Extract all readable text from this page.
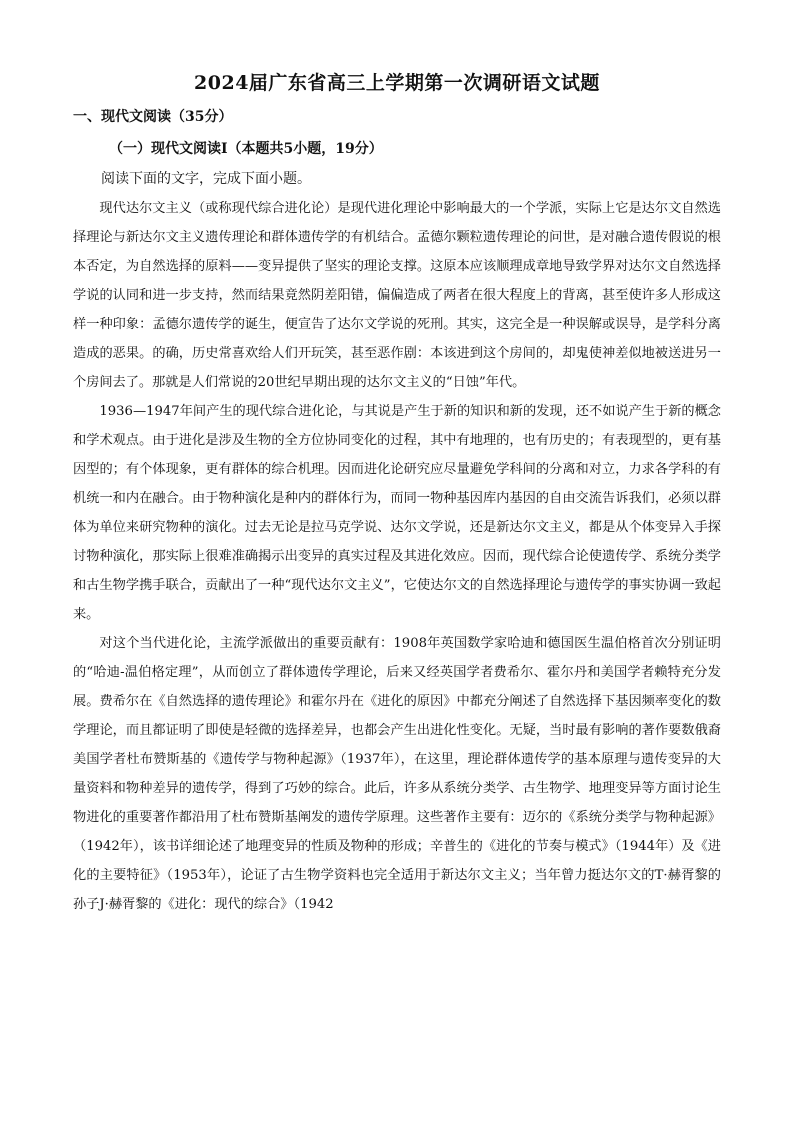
2024届广东省高三上学期第一次调研语文试题
一、现代文阅读（35分）
（一）现代文阅读Ⅰ（本题共5小题，19分）
阅读下面的文字，完成下面小题。

现代达尔文主义（或称现代综合进化论）是现代进化理论中影响最大的一个学派，实际上它是达尔文自然选择理论与新达尔文主义遗传理论和群体遗传学的有机结合。孟德尔颗粒遗传理论的问世，是对融合遗传假说的根本否定，为自然选择的原料——变异提供了坚实的理论支撑。这原本应该顺理成章地导致学界对达尔文自然选择学说的认同和进一步支持，然而结果竟然阴差阳错，偏偏造成了两者在很大程度上的背离，甚至使许多人形成这样一种印象：孟德尔遗传学的诞生，便宣告了达尔文学说的死刑。其实，这完全是一种误解或误导，是学科分离造成的恶果。的确，历史常喜欢给人们开玩笑，甚至恶作剧：本该进到这个房间的，却鬼使神差似地被送进另一个房间去了。那就是人们常说的20世纪早期出现的达尔文主义的“日蚀”年代。

1936—1947年间产生的现代综合进化论，与其说是产生于新的知识和新的发现，还不如说产生于新的概念和学术观点。由于进化是涉及生物的全方位协同变化的过程，其中有地理的，也有历史的；有表现型的，更有基因型的；有个体现象，更有群体的综合机理。因而进化论研究应尽量避免学科间的分离和对立，力求各学科的有机统一和内在融合。由于物种演化是种内的群体行为，而同一物种基因库内基因的自由交流告诉我们，必须以群体为单位来研究物种的演化。过去无论是拉马克学说、达尔文学说，还是新达尔文主义，都是从个体变异入手探讨物种演化，那实际上很难准确揭示出变异的真实过程及其进化效应。因而，现代综合论使遗传学、系统分类学和古生物学携手联合，贡献出了一种“现代达尔文主义”，它使达尔文的自然选择理论与遗传学的事实协调一致起来。

对这个当代进化论，主流学派做出的重要贡献有：1908年英国数学家哈迪和德国医生温伯格首次分别证明的“哈迪-温伯格定理”，从而创立了群体遗传学理论，后来又经英国学者费希尔、霍尔丹和美国学者赖特充分发展。费希尔在《自然选择的遗传理论》和霍尔丹在《进化的原因》中都充分阐述了自然选择下基因频率变化的数学理论，而且都证明了即使是轻微的选择差异，也都会产生出进化性变化。无疑，当时最有影响的著作要数俄裔美国学者杜布赞斯基的《遗传学与物种起源》（1937年），在这里，理论群体遗传学的基本原理与遗传变异的大量资料和物种差异的遗传学，得到了巧妙的综合。此后，许多从系统分类学、古生物学、地理变异等方面讨论生物进化的重要著作都沿用了杜布赞斯基阐发的遗传学原理。这些著作主要有：迈尔的《系统分类学与物种起源》（1942年），该书详细论述了地理变异的性质及物种的形成；辛普生的《进化的节奏与模式》（1944年）及《进化的主要特征》（1953年），论证了古生物学资料也完全适用于新达尔文主义；当年曾力挺达尔文的T·赫胥黎的孙子J·赫胥黎的《进化：现代的综合》（1942
